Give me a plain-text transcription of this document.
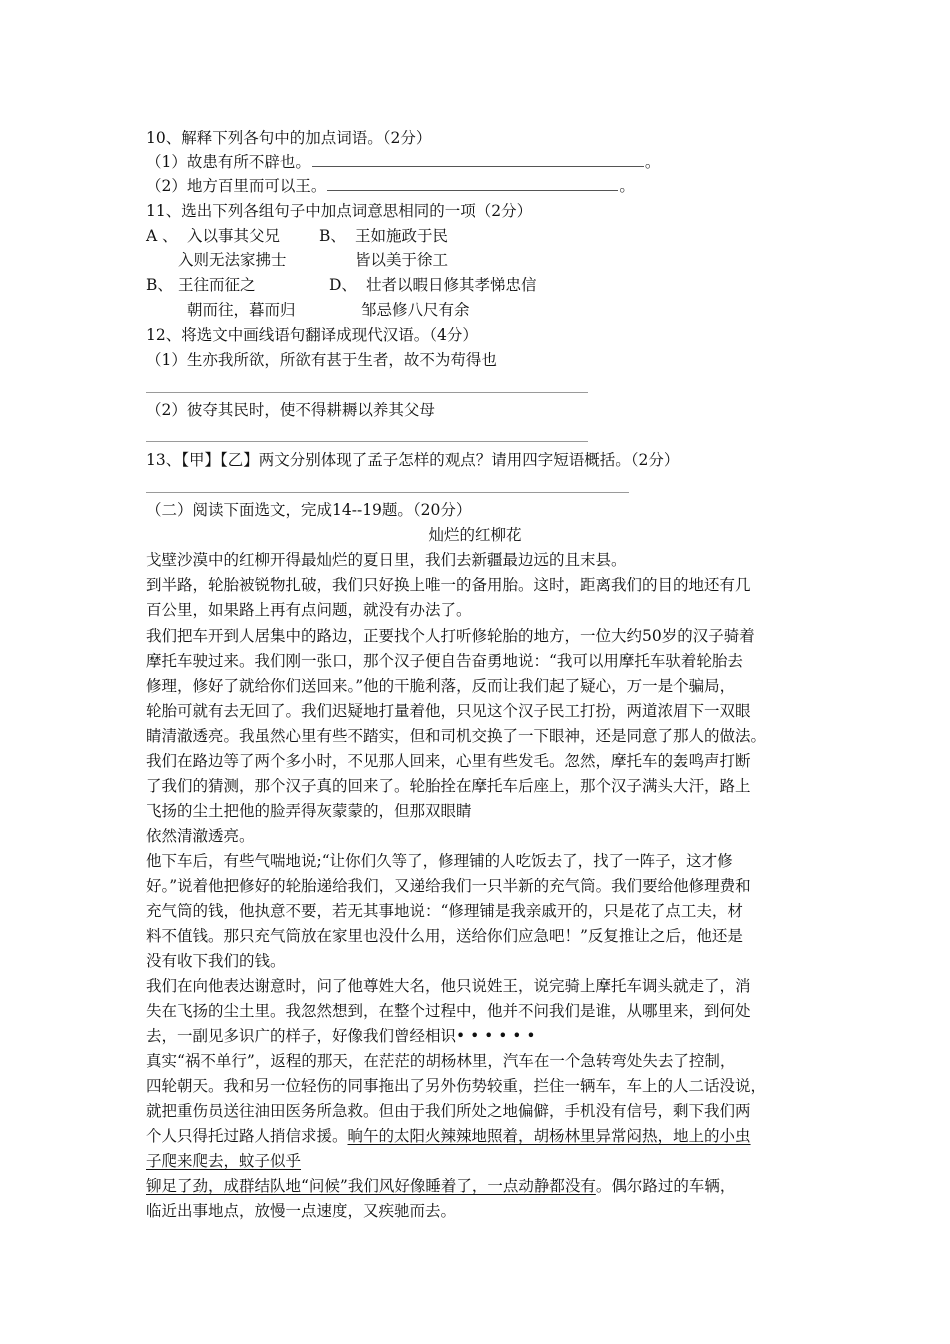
10、解释下列各句中的加点词语。（2分）
（1）故患有所不辟也。	。
（2）地方百里而可以王。	。
11、选出下列各组句子中加点词意思相同的一项（2分）
A 、 入以事其父兄	B、 王如施政于民
入则无法家拂士	皆以美于徐工
B、 王往而征之	D、 壮者以暇日修其孝悌忠信
朝而往，暮而归	邹忌修八尺有余
12、将选文中画线语句翻译成现代汉语。（4分）
（1）生亦我所欲，所欲有甚于生者，故不为苟得也
（2）彼夺其民时，使不得耕耨以养其父母
13、【甲】【乙】两文分别体现了孟子怎样的观点？请用四字短语概括。（2分）
（二）阅读下面选文，完成14--19题。（20分）
灿烂的红柳花
戈壁沙漠中的红柳开得最灿烂的夏日里，我们去新疆最边远的且末县。
到半路，轮胎被锐物扎破，我们只好换上唯一的备用胎。这时，距离我们的目的地还有几
百公里，如果路上再有点问题，就没有办法了。
我们把车开到人居集中的路边，正要找个人打听修轮胎的地方，一位大约50岁的汉子骑着
摩托车驶过来。我们刚一张口，那个汉子便自告奋勇地说：“我可以用摩托车驮着轮胎去
修理，修好了就给你们送回来。”他的干脆利落，反而让我们起了疑心，万一是个骗局，
轮胎可就有去无回了。我们迟疑地打量着他，只见这个汉子民工打扮，两道浓眉下一双眼
睛清澈透亮。我虽然心里有些不踏实，但和司机交换了一下眼神，还是同意了那人的做法。
我们在路边等了两个多小时，不见那人回来，心里有些发毛。忽然，摩托车的轰鸣声打断
了我们的猜测，那个汉子真的回来了。轮胎拴在摩托车后座上，那个汉子满头大汗，路上
飞扬的尘土把他的脸弄得灰蒙蒙的，但那双眼睛
依然清澈透亮。
他下车后，有些气喘地说;“让你们久等了，修理铺的人吃饭去了，找了一阵子，这才修
好。”说着他把修好的轮胎递给我们，又递给我们一只半新的充气筒。我们要给他修理费和
充气筒的钱，他执意不要，若无其事地说：“修理铺是我亲戚开的，只是花了点工夫，材
料不值钱。那只充气筒放在家里也没什么用，送给你们应急吧！”反复推让之后，他还是
没有收下我们的钱。
我们在向他表达谢意时，问了他尊姓大名，他只说姓王，说完骑上摩托车调头就走了，消
失在飞扬的尘土里。我忽然想到，在整个过程中，他并不问我们是谁，从哪里来，到何处
去，一副见多识广的样子，好像我们曾经相识• • • • • •
真实“祸不单行”，返程的那天，在茫茫的胡杨林里，汽车在一个急转弯处失去了控制，
四轮朝天。我和另一位轻伤的同事拖出了另外伤势较重，拦住一辆车，车上的人二话没说，
就把重伤员送往油田医务所急救。但由于我们所处之地偏僻，手机没有信号，剩下我们两
个人只得托过路人捎信求援。晌午的太阳火辣辣地照着，胡杨林里异常闷热，地上的小虫
子爬来爬去，蚊子似乎
铆足了劲，成群结队地“问候”我们风好像睡着了，一点动静都没有。偶尔路过的车辆，
临近出事地点，放慢一点速度，又疾驰而去。
